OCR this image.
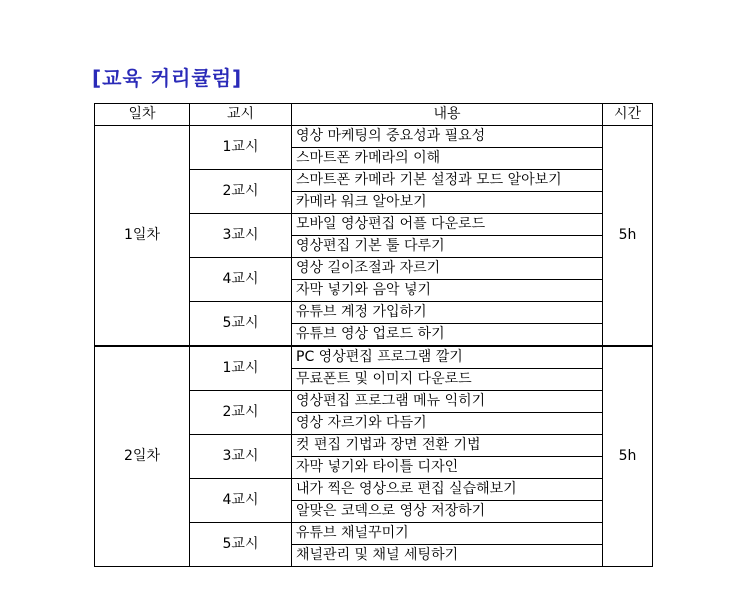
[교육 커리큘럼]
일차	교시	내용	시간
1일차	1교시	영상 마케팅의 중요성과 필요성	5h
		스마트폰 카메라의 이해	
	2교시	스마트폰 카메라 기본 설정과 모드 알아보기	
		카메라 워크 알아보기	
	3교시	모바일 영상편집 어플 다운로드	
		영상편집 기본 툴 다루기	
	4교시	영상 길이조절과 자르기	
		자막 넣기와 음악 넣기	
	5교시	유튜브 계정 가입하기	
		유튜브 영상 업로드 하기	
2일차	1교시	PC 영상편집 프로그램 깔기	5h
		무료폰트 및 이미지 다운로드	
	2교시	영상편집 프로그램 메뉴 익히기	
		영상 자르기와 다듬기	
	3교시	컷 편집 기법과 장면 전환 기법	
		자막 넣기와 타이틀 디자인	
	4교시	내가 찍은 영상으로 편집 실습해보기	
		알맞은 코덱으로 영상 저장하기	
	5교시	유튜브 채널꾸미기	
		채널관리 및 채널 세팅하기	
